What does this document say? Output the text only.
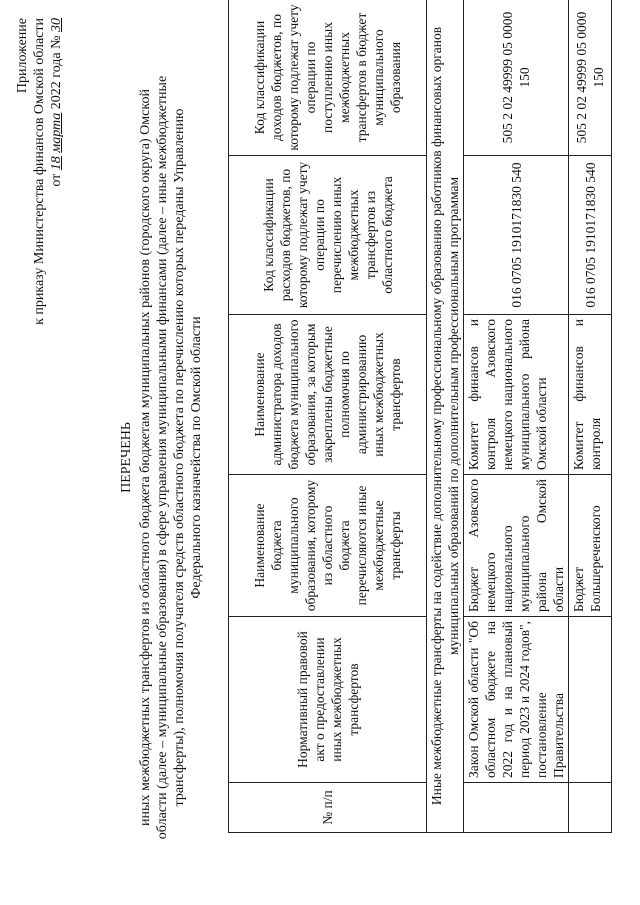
Приложение к приказу Министерства финансов Омской области от 18 марта 2022 года № 30
ПЕРЕЧЕНЬ иных межбюджетных трансфертов из областного бюджета бюджетам муниципальных районов (городского округа) Омской области (далее – муниципальные образования) в сфере управления муниципальными финансами (далее – иные межбюджетные трансферты), полномочия получателя средств областного бюджета по перечислению которых переданы Управлению Федерального казначейства по Омской области
№ п/п	Нормативный правовой акт о предоставлении иных межбюджетных трансфертов	Наименование бюджета муниципального образования, которому из областного бюджета перечисляются иные межбюджетные трансферты	Наименование администратора доходов бюджета муниципального образования, за которым закреплены бюджетные полномочия по администрированию иных межбюджетных трансфертов	Код классификации расходов бюджетов, по которому подлежат учету операции по перечислению иных межбюджетных трансфертов из областного бюджета	Код классификации доходов бюджетов, по которому подлежат учету операции по поступлению иных межбюджетных трансфертов в бюджет муниципального образования
Иные межбюджетные трансферты на содействие дополнительному профессиональному образованию работников финансовых органов муниципальных образований по дополнительным профессиональным программам					
	Закон Омской области "Об областном бюджете на 2022 год и на плановый период 2023 и 2024 годов", постановление Правительства	Бюджет Азовского немецкого национального муниципального района Омской области	Комитет финансов и контроля Азовского немецкого национального муниципального района Омской области	016 0705 1910171830 540	505 2 02 49999 05 0000 150
		Бюджет Большереченского	Комитет финансов и контроля	016 0705 1910171830 540	505 2 02 49999 05 0000 150
